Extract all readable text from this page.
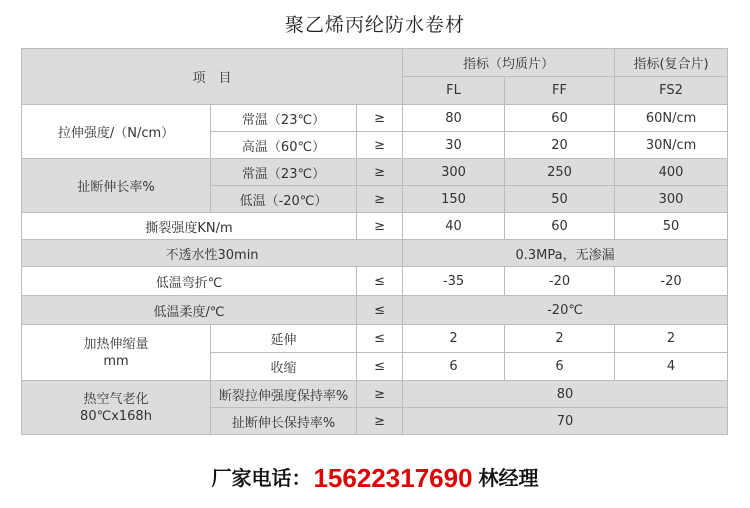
聚乙烯丙纶防水卷材
项　目			指标（均质片）		指标(复合片)
			FL	FF	FS2
拉伸强度/（N/cm）	常温（23℃）	≥	80	60	60N/cm
	高温（60℃）	≥	30	20	30N/cm
扯断伸长率%	常温（23℃）	≥	300	250	400
	低温（-20℃）	≥	150	50	300
撕裂强度KN/m		≥	40	60	50
不透水性30min			0.3MPa，无渗漏		
低温弯折℃		≤	-35	-20	-20
低温柔度/℃		≤	-20℃		

加热伸缩量
mm	延伸	≤	2	2	2
	收缩	≤	6	6	4

热空气老化
80℃x168h	断裂拉伸强度保持率%	≥	80		
	扯断伸长保持率%	≥	70		
厂家电话：15622317690 林经理
